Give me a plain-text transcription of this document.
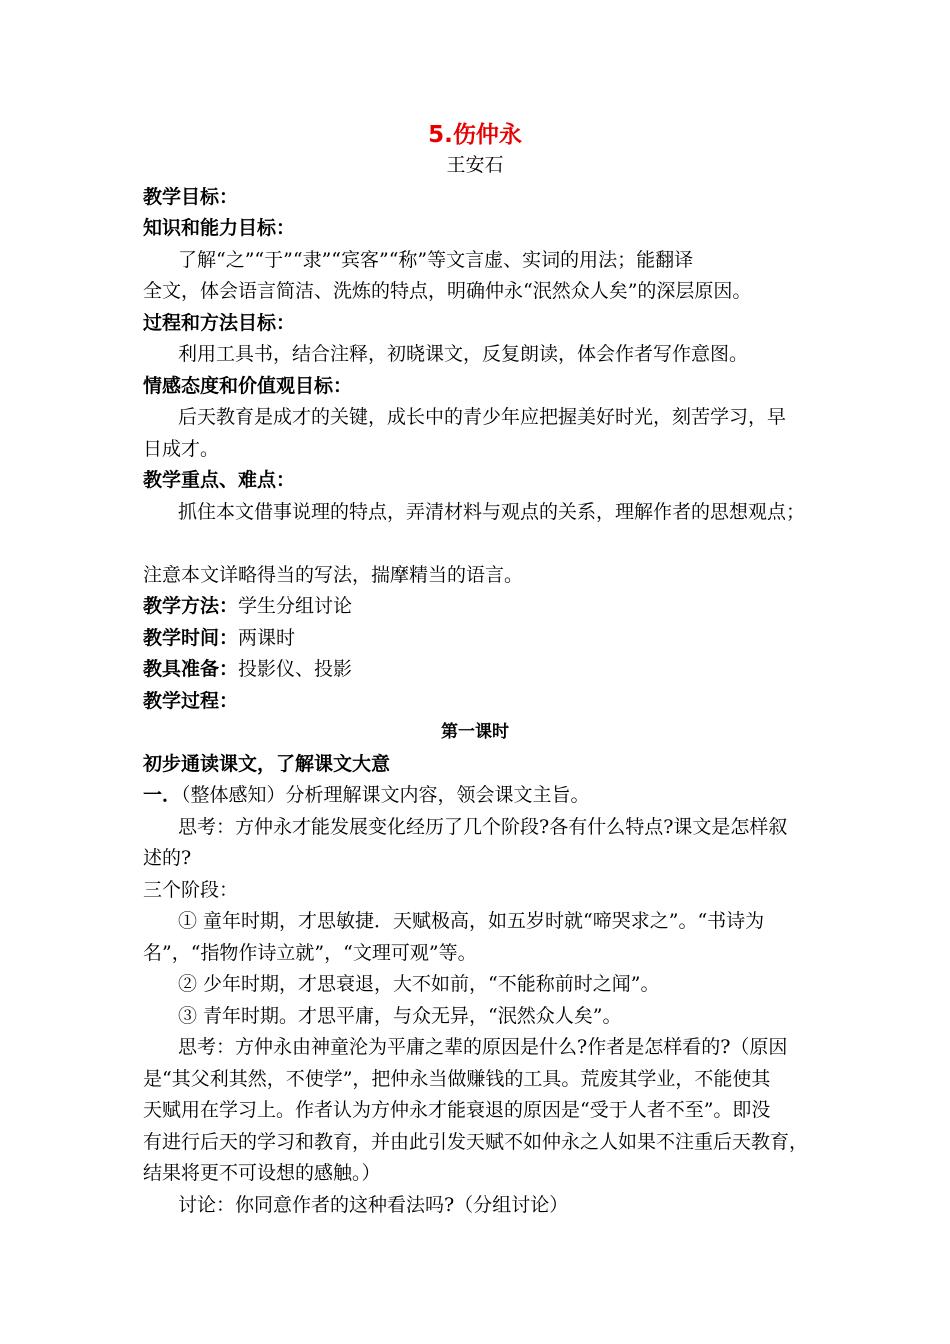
5.伤仲永
王安石
教学目标：
知识和能力目标：
了解“之”“于”“隶”“宾客”“称”等文言虚、实词的用法；能翻译
全文，体会语言简洁、洗炼的特点，明确仲永“泯然众人矣”的深层原因。
过程和方法目标：
利用工具书，结合注释，初晓课文，反复朗读，体会作者写作意图。
情感态度和价值观目标：
后天教育是成才的关键，成长中的青少年应把握美好时光，刻苦学习，早
日成才。
教学重点、难点：
抓住本文借事说理的特点，弄清材料与观点的关系，理解作者的思想观点；
注意本文详略得当的写法，揣摩精当的语言。
教学方法：学生分组讨论
教学时间：两课时
教具准备：投影仪、投影
教学过程：
第一课时
初步通读课文，了解课文大意
一．（整体感知）分析理解课文内容，领会课文主旨。
思考：方仲永才能发展变化经历了几个阶段?各有什么特点?课文是怎样叙
述的?
三个阶段：
① 童年时期，才思敏捷．天赋极高，如五岁时就“啼哭求之”。“书诗为
名”，“指物作诗立就”，“文理可观”等。
② 少年时期，才思衰退，大不如前，“不能称前时之闻”。
③ 青年时期。才思平庸，与众无异，“泯然众人矣”。
思考：方仲永由神童沦为平庸之辈的原因是什么?作者是怎样看的?（原因
是“其父利其然，不使学”，把仲永当做赚钱的工具。荒废其学业，不能使其
天赋用在学习上。作者认为方仲永才能衰退的原因是“受于人者不至”。即没
有进行后天的学习和教育，并由此引发天赋不如仲永之人如果不注重后天教育，
结果将更不可设想的感触。）
讨论：你同意作者的这种看法吗?（分组讨论）
